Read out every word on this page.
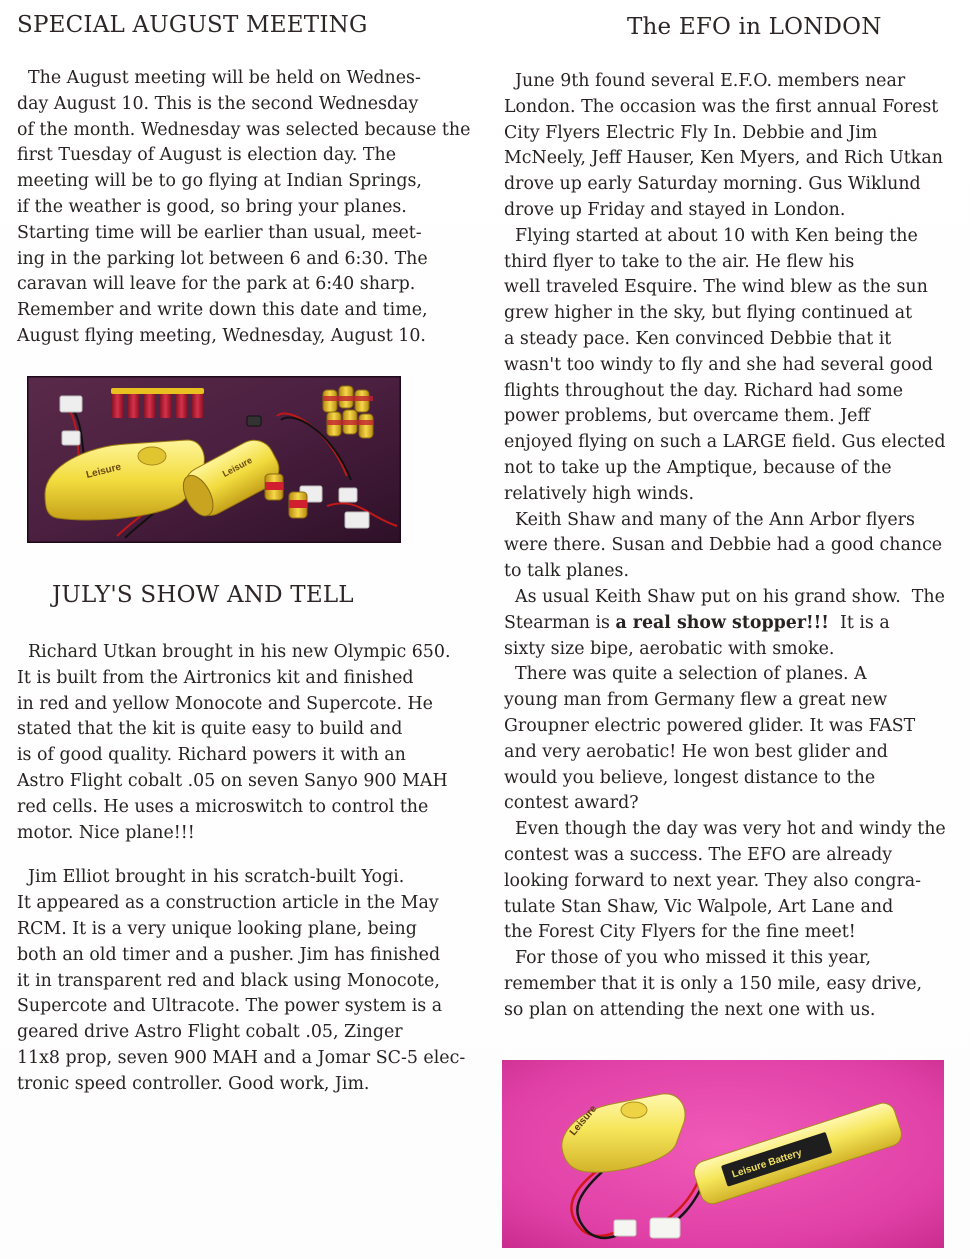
SPECIAL AUGUST MEETING
The August meeting will be held on Wednes-
day August 10. This is the second Wednesday
of the month. Wednesday was selected because the
first Tuesday of August is election day. The
meeting will be to go flying at Indian Springs,
if the weather is good, so bring your planes.
Starting time will be earlier than usual, meet-
ing in the parking lot between 6 and 6:30. The
caravan will leave for the park at 6:40 sharp.
Remember and write down this date and time,
August flying meeting, Wednesday, August 10.
Leisure	Leisure
JULY'S SHOW AND TELL
Richard Utkan brought in his new Olympic 650.
It is built from the Airtronics kit and finished
in red and yellow Monocote and Supercote. He
stated that the kit is quite easy to build and
is of good quality. Richard powers it with an
Astro Flight cobalt .05 on seven Sanyo 900 MAH
red cells. He uses a microswitch to control the
motor. Nice plane!!!
Jim Elliot brought in his scratch-built Yogi.
It appeared as a construction article in the May
RCM. It is a very unique looking plane, being
both an old timer and a pusher. Jim has finished
it in transparent red and black using Monocote,
Supercote and Ultracote. The power system is a
geared drive Astro Flight cobalt .05, Zinger
11x8 prop, seven 900 MAH and a Jomar SC-5 elec-
tronic speed controller. Good work, Jim.
The EFO in LONDON
June 9th found several E.F.O. members near
London. The occasion was the first annual Forest
City Flyers Electric Fly In. Debbie and Jim
McNeely, Jeff Hauser, Ken Myers, and Rich Utkan
drove up early Saturday morning. Gus Wiklund
drove up Friday and stayed in London.
Flying started at about 10 with Ken being the
third flyer to take to the air. He flew his
well traveled Esquire. The wind blew as the sun
grew higher in the sky, but flying continued at
a steady pace. Ken convinced Debbie that it
wasn't too windy to fly and she had several good
flights throughout the day. Richard had some
power problems, but overcame them. Jeff
enjoyed flying on such a LARGE field. Gus elected
not to take up the Amptique, because of the
relatively high winds.
Keith Shaw and many of the Ann Arbor flyers
were there. Susan and Debbie had a good chance
to talk planes.
As usual Keith Shaw put on his grand show.  The
Stearman is a real show stopper!!!  It is a
sixty size bipe, aerobatic with smoke.
There was quite a selection of planes. A
young man from Germany flew a great new
Groupner electric powered glider. It was FAST
and very aerobatic! He won best glider and
would you believe, longest distance to the
contest award?
Even though the day was very hot and windy the
contest was a success. The EFO are already
looking forward to next year. They also congra-
tulate Stan Shaw, Vic Walpole, Art Lane and
the Forest City Flyers for the fine meet!
For those of you who missed it this year,
remember that it is only a 150 mile, easy drive,
so plan on attending the next one with us.
Leisure
Leisure Battery
